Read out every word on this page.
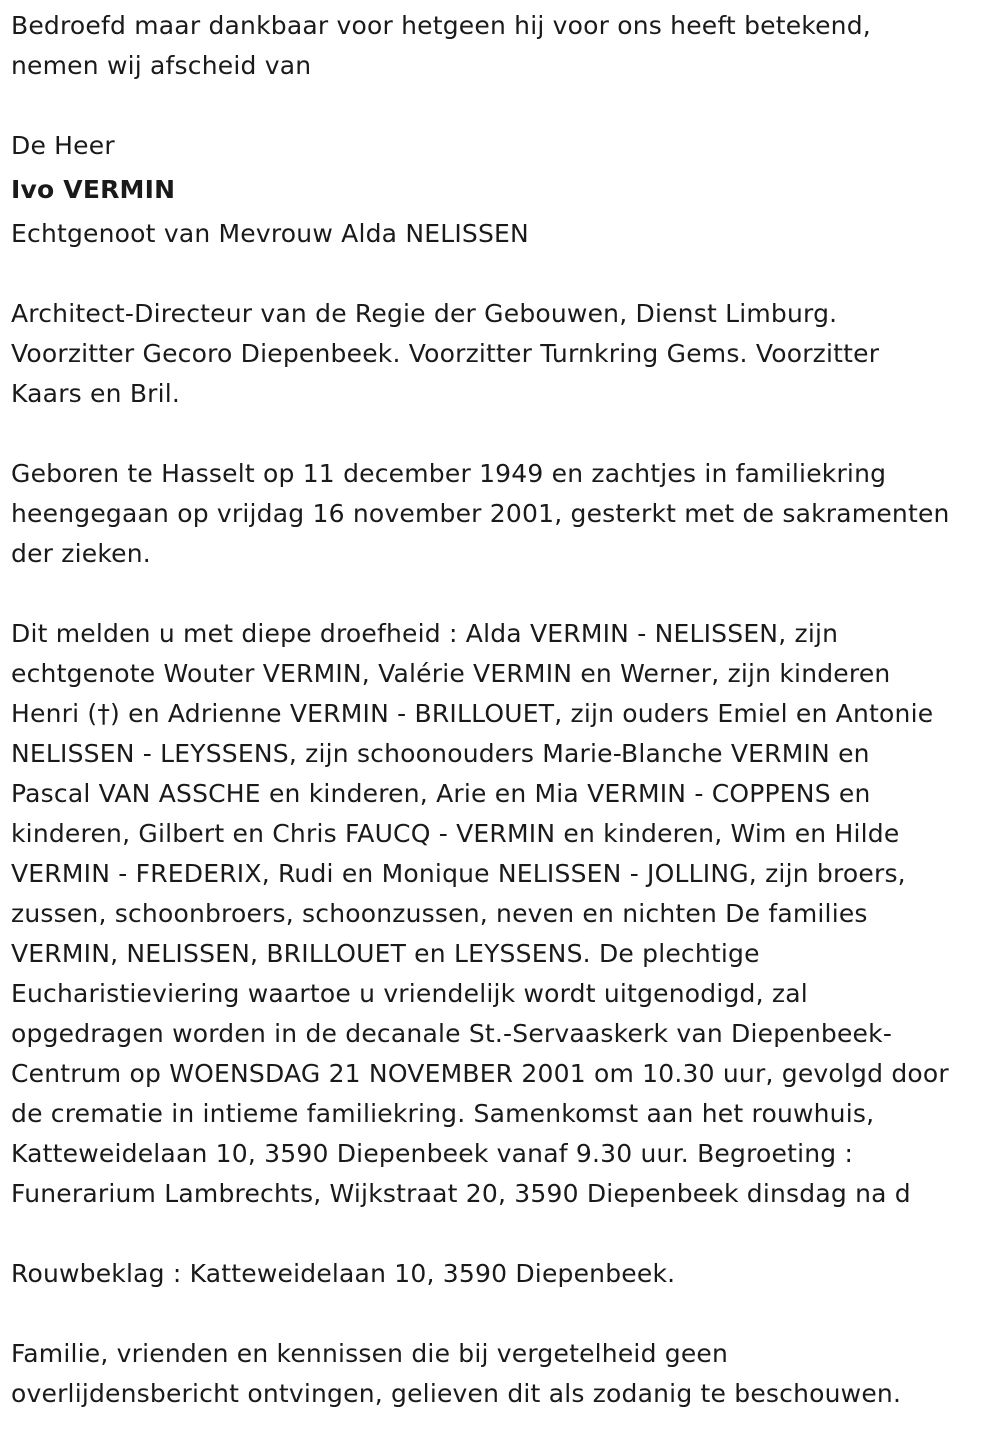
Bedroefd maar dankbaar voor hetgeen hij voor ons heeft betekend,
nemen wij afscheid van
De Heer
Ivo VERMIN
Echtgenoot van Mevrouw Alda NELISSEN
Architect-Directeur van de Regie der Gebouwen, Dienst Limburg.
Voorzitter Gecoro Diepenbeek. Voorzitter Turnkring Gems. Voorzitter
Kaars en Bril.
Geboren te Hasselt op 11 december 1949 en zachtjes in familiekring
heengegaan op vrijdag 16 november 2001, gesterkt met de sakramenten
der zieken.
Dit melden u met diepe droefheid : Alda VERMIN - NELISSEN, zijn
echtgenote Wouter VERMIN, Valérie VERMIN en Werner, zijn kinderen
Henri (†) en Adrienne VERMIN - BRILLOUET, zijn ouders Emiel en Antonie
NELISSEN - LEYSSENS, zijn schoonouders Marie-Blanche VERMIN en
Pascal VAN ASSCHE en kinderen, Arie en Mia VERMIN - COPPENS en
kinderen, Gilbert en Chris FAUCQ - VERMIN en kinderen, Wim en Hilde
VERMIN - FREDERIX, Rudi en Monique NELISSEN - JOLLING, zijn broers,
zussen, schoonbroers, schoonzussen, neven en nichten De families
VERMIN, NELISSEN, BRILLOUET en LEYSSENS. De plechtige
Eucharistieviering waartoe u vriendelijk wordt uitgenodigd, zal
opgedragen worden in de decanale St.-Servaaskerk van Diepenbeek-
Centrum op WOENSDAG 21 NOVEMBER 2001 om 10.30 uur, gevolgd door
de crematie in intieme familiekring. Samenkomst aan het rouwhuis,
Katteweidelaan 10, 3590 Diepenbeek vanaf 9.30 uur. Begroeting :
Funerarium Lambrechts, Wijkstraat 20, 3590 Diepenbeek dinsdag na d
Rouwbeklag : Katteweidelaan 10, 3590 Diepenbeek.
Familie, vrienden en kennissen die bij vergetelheid geen
overlijdensbericht ontvingen, gelieven dit als zodanig te beschouwen.
